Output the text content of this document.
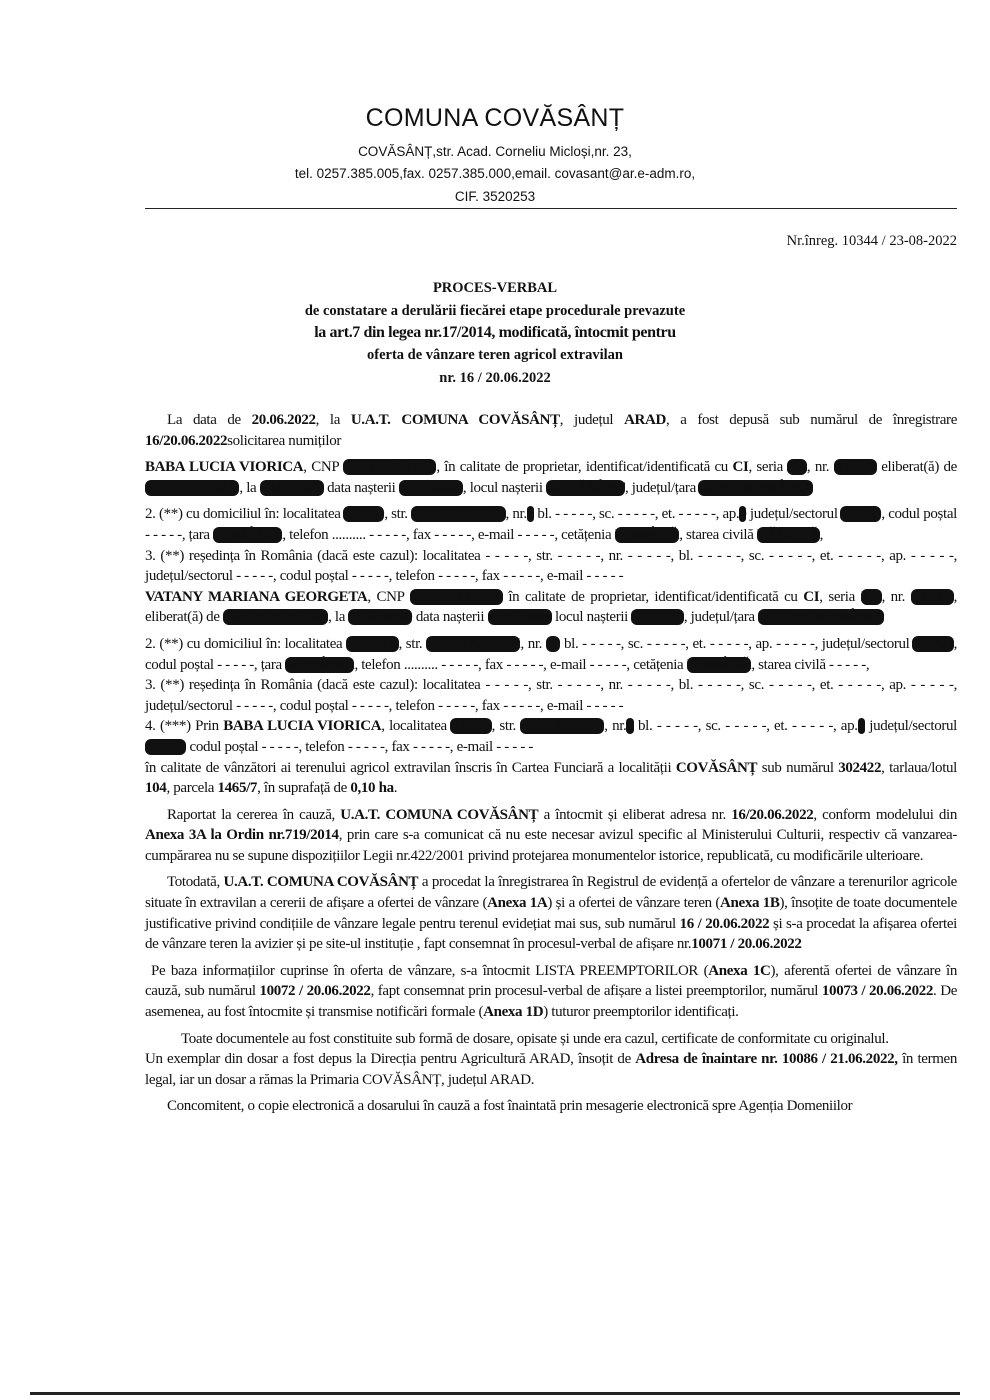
COMUNA COVĂSÂNȚ
COVĂSÂNȚ,str. Acad. Corneliu Miclоși,nr. 23,
tel. 0257.385.005,fax. 0257.385.000,email. covasant@ar.e-adm.ro,
CIF. 3520253
Nr.înreg. 10344 / 23-08-2022
PROCES-VERBAL
de constatare a derulării fiecărei etape procedurale prevazute
la art.7 din legea nr.17/2014, modificată, întocmit pentru
oferta de vânzare teren agricol extravilan
nr. 16 / 20.06.2022

La data de 20.06.2022, la U.A.T. COMUNA COVĂSÂNȚ, județul ARAD, a fost depusă sub numărul de înregistrare 16/20.06.2022solicitarea numiților

BABA LUCIA VIORICA, CNP 2000000000000, în calitate de proprietar, identificat/identificată cu CI, seria AR, nr. 000000 eliberat(ă) de SPCLEP ARAD, la 00.00.0000 data nașterii 00.00.0000, locul nașterii COVĂSÂNȚ, județul/țara ARAD/ROMÂNIA

2. (**) cu domiciliul în: localitatea ARAD, str. XXXXXXXXX, nr.0 bl. - - - - -, sc. - - - - -, et. - - - - -, ap.0 județul/sectorul ARAD, codul poștal - - - - -, țara ROMÂNIA, telefon .......... - - - - -, fax - - - - -, e-mail - - - - -, cetățenia ROMÂNĂ, starea civilă VĂDUVĂ,

3. (**) reședința în România (dacă este cazul): localitatea - - - - -, str. - - - - -, nr. - - - - -, bl. - - - - -, sc. - - - - -, et. - - - - -, ap. - - - - -, județul/sectorul - - - - -, codul poștal - - - - -, telefon - - - - -, fax - - - - -, e-mail - - - - -

VATANY MARIANA GEORGETA, CNP 2000000000000 în calitate de proprietar, identificat/identificată cu CI, seria XX, nr. 000000, eliberat(ă) de SPCLEP LIPOVA, la 00.00.0000 data nașterii 00.00.0000 locul nașterii XXXXX, județul/țara XXXXX/ROMÂNIA

2. (**) cu domiciliul în: localitatea XXXXX, str. XXXXXXXXX, nr. 00 bl. - - - - -, sc. - - - - -, et. - - - - -, ap. - - - - -, județul/sectorul ARAD, codul poștal - - - - -, țara ROMÂNIA, telefon .......... - - - - -, fax - - - - -, e-mail - - - - -, cetățenia ROMÂNĂ, starea civilă - - - - -,

3. (**) reședința în România (dacă este cazul): localitatea - - - - -, str. - - - - -, nr. - - - - -, bl. - - - - -, sc. - - - - -, et. - - - - -, ap. - - - - -, județul/sectorul - - - - -, codul poștal - - - - -, telefon - - - - -, fax - - - - -, e-mail - - - - -

4. (***) Prin BABA LUCIA VIORICA, localitatea ARAD, str. XXXXXXXX, nr.0 bl. - - - - -, sc. - - - - -, et. - - - - -, ap.0 județul/sectorul ARAD codul poștal - - - - -, telefon - - - - -, fax - - - - -, e-mail - - - - -

în calitate de vânzători ai terenului agricol extravilan înscris în Cartea Funciară a localității COVĂSÂNȚ sub numărul 302422, tarlaua/lotul 104, parcela 1465/7, în suprafață de 0,10 ha.

Raportat la cererea în cauză, U.A.T. COMUNA COVĂSÂNȚ a întocmit și eliberat adresa nr. 16/20.06.2022, conform modelului din Anexa 3A la Ordin nr.719/2014, prin care s-a comunicat că nu este necesar avizul specific al Ministerului Culturii, respectiv că vanzarea-cumpărarea nu se supune dispozițiilor Legii nr.422/2001 privind protejarea monumentelor istorice, republicată, cu modificările ulterioare.

Totodată, U.A.T. COMUNA COVĂSÂNȚ a procedat la înregistrarea în Registrul de evidență a ofertelor de vânzare a terenurilor agricole situate în extravilan a cererii de afișare a ofertei de vânzare (Anexa 1A) și a ofertei de vânzare teren (Anexa 1B), însoțite de toate documentele justificative privind condițiile de vânzare legale pentru terenul evidețiat mai sus, sub numărul 16 / 20.06.2022 și s-a procedat la afișarea ofertei de vânzare teren la avizier și pe site-ul instituție , fapt consemnat în procesul-verbal de afișare nr.10071 / 20.06.2022

Pe baza informațiilor cuprinse în oferta de vânzare, s-a întocmit LISTA PREEMPTORILOR (Anexa 1C), aferentă ofertei de vânzare în cauză, sub numărul 10072 / 20.06.2022, fapt consemnat prin procesul-verbal de afișare a listei preemptorilor, numărul 10073 / 20.06.2022. De asemenea, au fost întocmite și transmise notificări formale (Anexa 1D) tuturor preemptorilor identificați.

Toate documentele au fost constituite sub formă de dosare, opisate și unde era cazul, certificate de conformitate cu originalul.

Un exemplar din dosar a fost depus la Direcția pentru Agricultură ARAD, însoțit de Adresa de înaintare nr. 10086 / 21.06.2022, în termen legal, iar un dosar a rămas la Primaria COVĂSÂNȚ, județul ARAD.

Concomitent, o copie electronică a dosarului în cauză a fost înaintată prin mesagerie electronică spre Agenția Domeniilor
